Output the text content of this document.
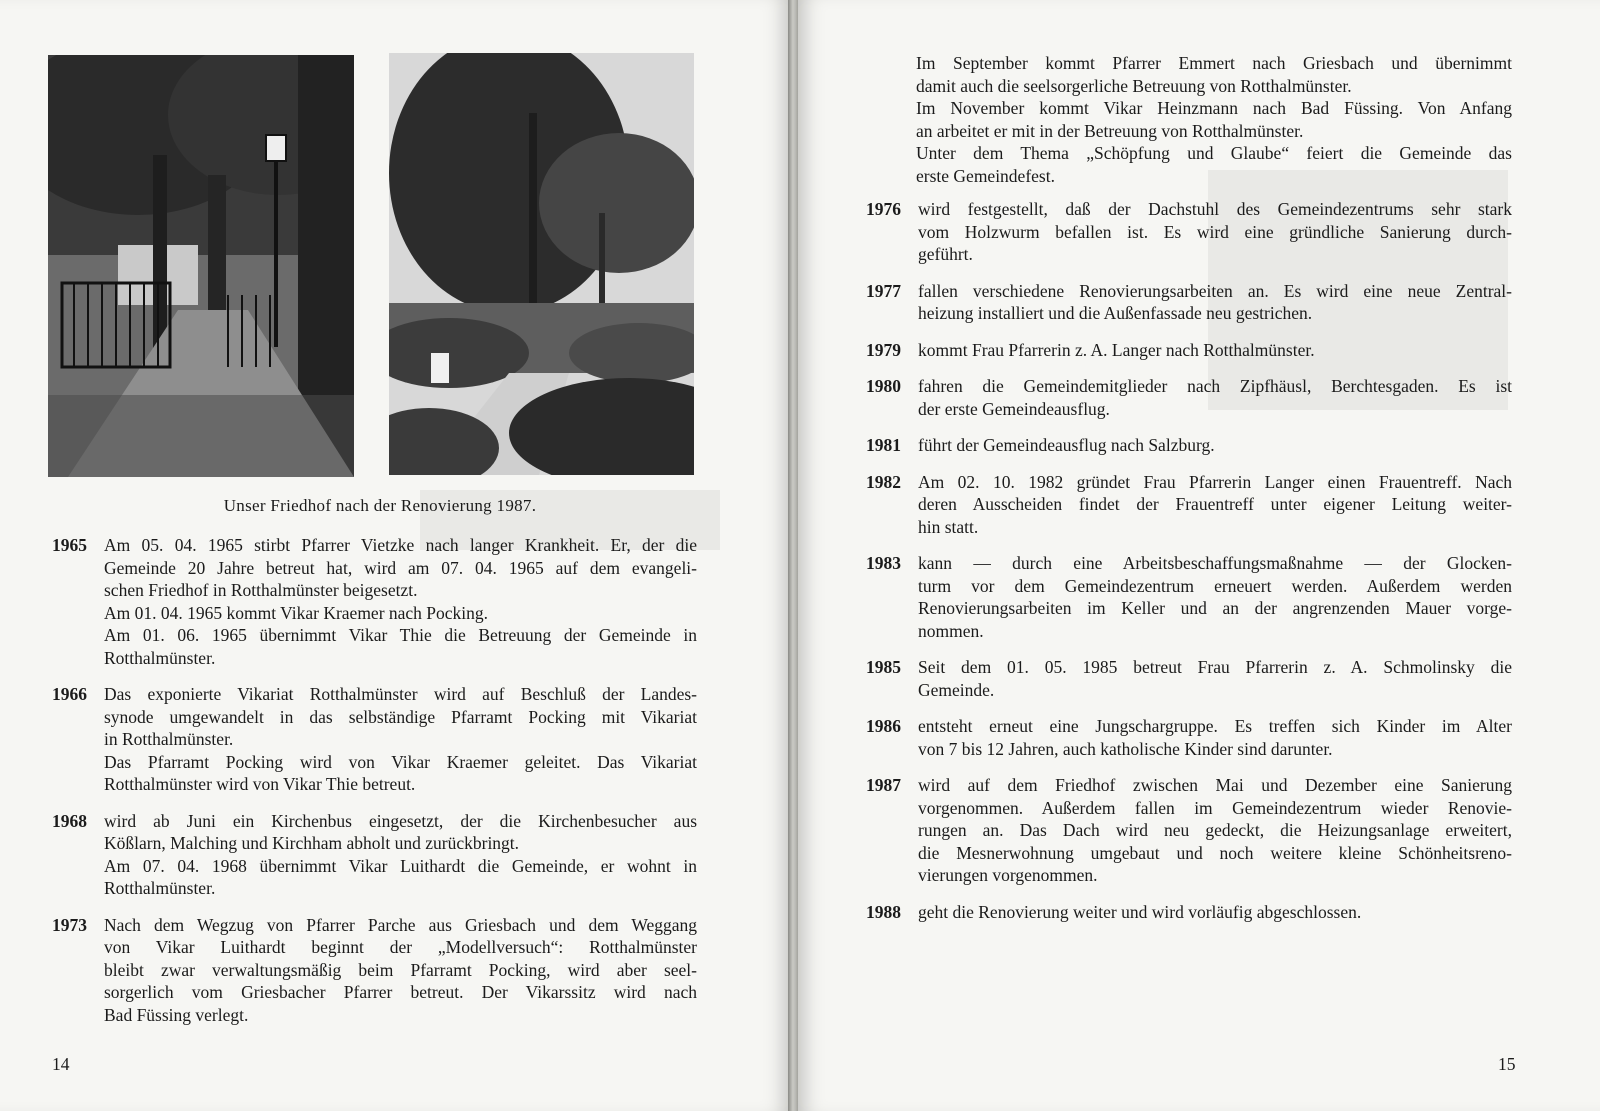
Unser Friedhof nach der Renovierung 1987.
1965 Am 05. 04. 1965 stirbt Pfarrer Vietzke nach langer Krankheit. Er, der die
Gemeinde 20 Jahre betreut hat, wird am 07. 04. 1965 auf dem evangeli-
schen Friedhof in Rotthalmünster beigesetzt.
Am 01. 04. 1965 kommt Vikar Kraemer nach Pocking.
Am 01. 06. 1965 übernimmt Vikar Thie die Betreuung der Gemeinde in
Rotthalmünster.
1966 Das exponierte Vikariat Rotthalmünster wird auf Beschluß der Landes-
synode umgewandelt in das selbständige Pfarramt Pocking mit Vikariat
in Rotthalmünster.
Das Pfarramt Pocking wird von Vikar Kraemer geleitet. Das Vikariat
Rotthalmünster wird von Vikar Thie betreut.
1968 wird ab Juni ein Kirchenbus eingesetzt, der die Kirchenbesucher aus
Kößlarn, Malching und Kirchham abholt und zurückbringt.
Am 07. 04. 1968 übernimmt Vikar Luithardt die Gemeinde, er wohnt in
Rotthalmünster.
1973 Nach dem Wegzug von Pfarrer Parche aus Griesbach und dem Weggang
von Vikar Luithardt beginnt der „Modellversuch“: Rotthalmünster
bleibt zwar verwaltungsmäßig beim Pfarramt Pocking, wird aber seel-
sorgerlich vom Griesbacher Pfarrer betreut. Der Vikarssitz wird nach
Bad Füssing verlegt.
14
Im September kommt Pfarrer Emmert nach Griesbach und übernimmt
damit auch die seelsorgerliche Betreuung von Rotthalmünster.
Im November kommt Vikar Heinzmann nach Bad Füssing. Von Anfang
an arbeitet er mit in der Betreuung von Rotthalmünster.
Unter dem Thema „Schöpfung und Glaube“ feiert die Gemeinde das
erste Gemeindefest.
1976 wird festgestellt, daß der Dachstuhl des Gemeindezentrums sehr stark
vom Holzwurm befallen ist. Es wird eine gründliche Sanierung durch-
geführt.
1977 fallen verschiedene Renovierungsarbeiten an. Es wird eine neue Zentral-
heizung installiert und die Außenfassade neu gestrichen.
1979 kommt Frau Pfarrerin z. A. Langer nach Rotthalmünster.
1980 fahren die Gemeindemitglieder nach Zipfhäusl, Berchtesgaden. Es ist
der erste Gemeindeausflug.
1981 führt der Gemeindeausflug nach Salzburg.
1982 Am 02. 10. 1982 gründet Frau Pfarrerin Langer einen Frauentreff. Nach
deren Ausscheiden findet der Frauentreff unter eigener Leitung weiter-
hin statt.
1983 kann — durch eine Arbeitsbeschaffungsmaßnahme — der Glocken-
turm vor dem Gemeindezentrum erneuert werden. Außerdem werden
Renovierungsarbeiten im Keller und an der angrenzenden Mauer vorge-
nommen.
1985 Seit dem 01. 05. 1985 betreut Frau Pfarrerin z. A. Schmolinsky die
Gemeinde.
1986 entsteht erneut eine Jungschargruppe. Es treffen sich Kinder im Alter
von 7 bis 12 Jahren, auch katholische Kinder sind darunter.
1987 wird auf dem Friedhof zwischen Mai und Dezember eine Sanierung
vorgenommen. Außerdem fallen im Gemeindezentrum wieder Renovie-
rungen an. Das Dach wird neu gedeckt, die Heizungsanlage erweitert,
die Mesnerwohnung umgebaut und noch weitere kleine Schönheitsreno-
vierungen vorgenommen.
1988 geht die Renovierung weiter und wird vorläufig abgeschlossen.
15
